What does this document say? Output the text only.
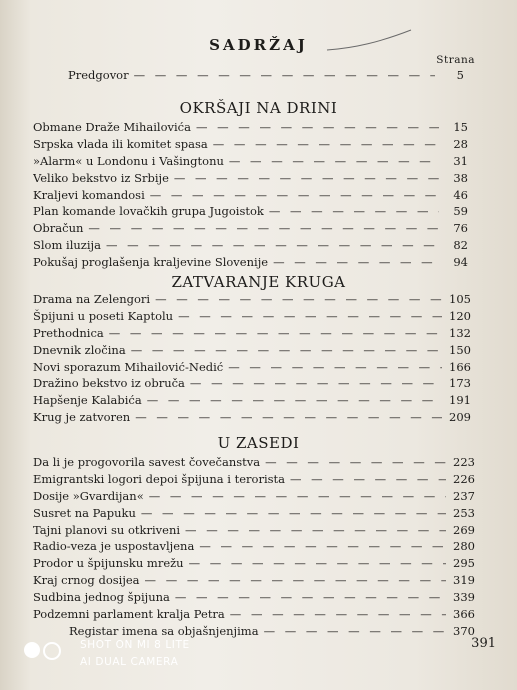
SADRŽAJ
Strana
Predgovor — — —	5
OKRŠAJI NA DRINI
Obmane Draže Mihailovića — — —	15
Srpska vlada ili komitet spasa — — —	28
»Alarm« u Londonu i Vašingtonu — — —	31
Veliko bekstvo iz Srbije — — —	38
Kraljevi komandosi — — —	46
Plan komande lovačkih grupa Jugoistok — — —	59
Obračun — — —	76
Slom iluzija — — —	82
Pokušaj proglašenja kraljevine Slovenije — — —	94
ZATVARANJE KRUGA
Drama na Zelengori — — —	105
Špijuni u poseti Kaptolu — — —	120
Prethodnica — — —	132
Dnevnik zločina — — —	150
Novi sporazum Mihailović-Nedić — — —	166
Dražino bekstvo iz obruča — — —	173
Hapšenje Kalabića — — —	191
Krug je zatvoren — — —	209
U ZASEDI
Da li je progovorila savest čovečanstva — — —	223
Emigrantski logori depoi špijuna i terorista — — —	226
Dosije »Gvardijan« — — —	237
Susret na Papuku — — —	253
Tajni planovi su otkriveni — — —	269
Radio-veza je uspostavljena — — —	280
Prodor u špijunsku mrežu — — —	295
Kraj crnog dosijea — — —	319
Sudbina jednog špijuna — — —	339
Podzemni parlament kralja Petra — — —	366
Registar imena sa objašnjenjima — — —	370
391
SHOT ON MI 8 LITE
AI DUAL CAMERA
